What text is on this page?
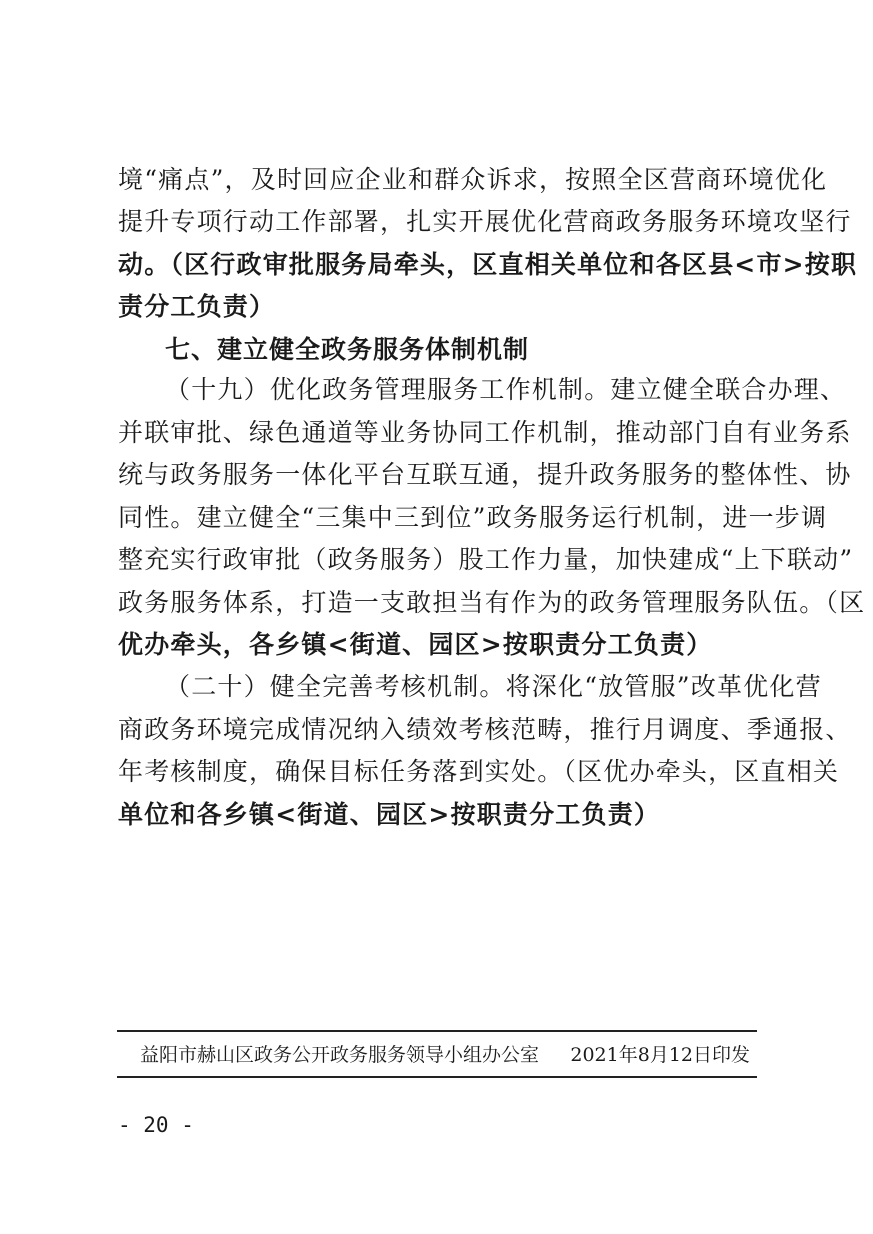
境“痛点”，及时回应企业和群众诉求，按照全区营商环境优化
提升专项行动工作部署，扎实开展优化营商政务服务环境攻坚行
动。（区行政审批服务局牵头，区直相关单位和各区县<市>按职
责分工负责）
七、建立健全政务服务体制机制
（十九）优化政务管理服务工作机制。建立健全联合办理、
并联审批、绿色通道等业务协同工作机制，推动部门自有业务系
统与政务服务一体化平台互联互通，提升政务服务的整体性、协
同性。建立健全“三集中三到位”政务服务运行机制，进一步调
整充实行政审批（政务服务）股工作力量，加快建成“上下联动”
政务服务体系，打造一支敢担当有作为的政务管理服务队伍。（区
优办牵头，各乡镇<街道、园区>按职责分工负责）
（二十）健全完善考核机制。将深化“放管服”改革优化营
商政务环境完成情况纳入绩效考核范畴，推行月调度、季通报、
年考核制度，确保目标任务落到实处。（区优办牵头，区直相关
单位和各乡镇<街道、园区>按职责分工负责）
益阳市赫山区政务公开政务服务领导小组办公室 2021年8月12日印发
- 20 -
